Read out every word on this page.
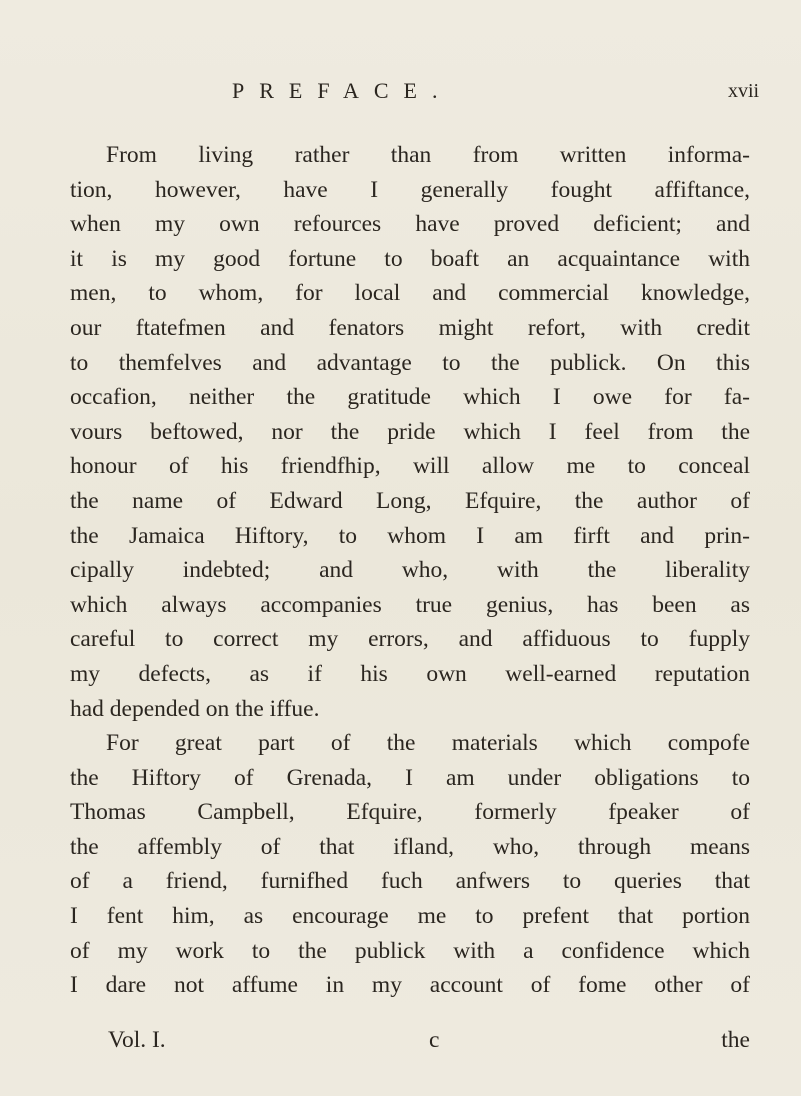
PREFACE.	xvii
From living rather than from written informa-
tion, however, have I generally fought affiftance,
when my own refources have proved deficient; and
it is my good fortune to boaft an acquaintance with
men, to whom, for local and commercial knowledge,
our ftatefmen and fenators might refort, with credit
to themfelves and advantage to the publick. On this
occafion, neither the gratitude which I owe for fa-
vours beftowed, nor the pride which I feel from the
honour of his friendfhip, will allow me to conceal
the name of Edward Long, Efquire, the author of
the Jamaica Hiftory, to whom I am firft and prin-
cipally indebted; and who, with the liberality
which always accompanies true genius, has been as
careful to correct my errors, and affiduous to fupply
my defects, as if his own well-earned reputation
had depended on the iffue.
For great part of the materials which compofe
the Hiftory of Grenada, I am under obligations to
Thomas Campbell, Efquire, formerly fpeaker of
the affembly of that ifland, who, through means
of a friend, furnifhed fuch anfwers to queries that
I fent him, as encourage me to prefent that portion
of my work to the publick with a confidence which
I dare not affume in my account of fome other of
Vol. I.	c	the
